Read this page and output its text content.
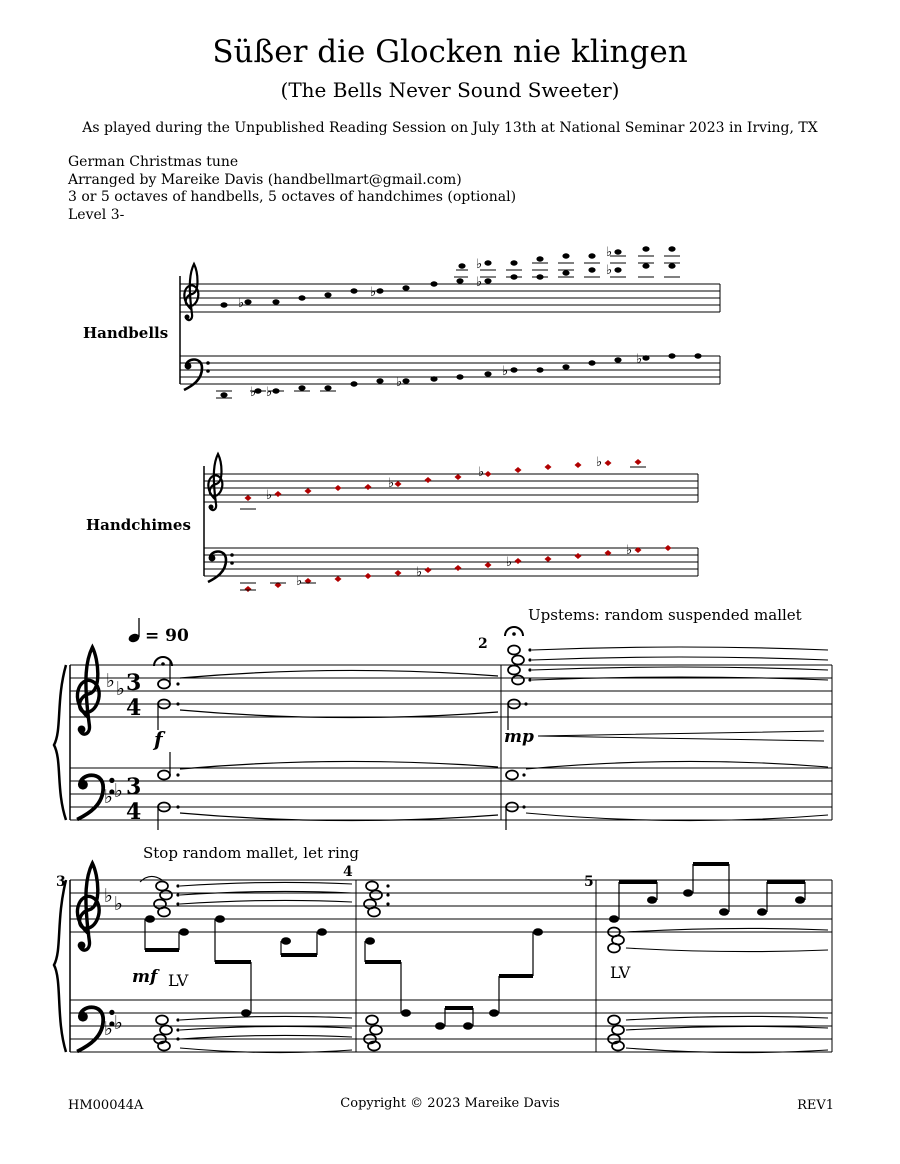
Süßer die Glocken nie klingen
(The Bells Never Sound Sweeter)
As played during the Unpublished Reading Session on July 13th at National Seminar 2023 in Irving, TX
German Christmas tune
Arranged by Mareike Davis (handbellmart@gmail.com)
3 or 5 octaves of handbells, 5 octaves of handchimes (optional)
Level 3-
♭
♭
♭
♭	♭
♭
♭ ♭
♭
♭
♭
♭
♭
♭
♭
♭
♭
♭
♭
♭ ♭
♭ ♭
3
4
3
4
= 90
f
2
Upstems: random suspended mallet
mp
3
♭ ♭
♭ ♭
Stop random mallet, let ring
4
5
mf LV	LV
Handbells
Handchimes
HM00044A	Copyright © 2023 Mareike Davis	REV1
